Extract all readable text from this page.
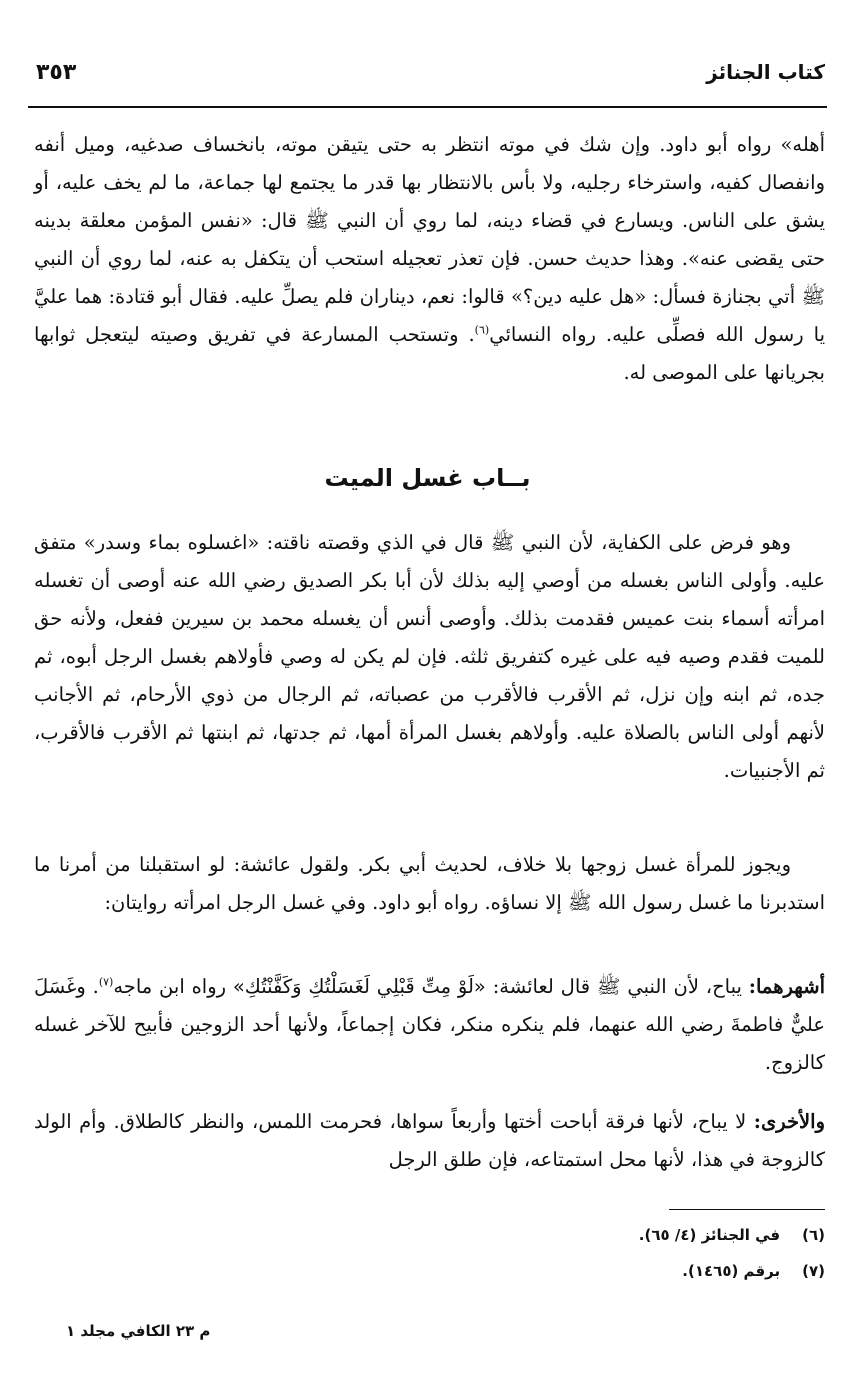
كتاب الجنائز
٣٥٣
أهله» رواه أبو داود. وإن شك في موته انتظر به حتى يتيقن موته، بانخساف صدغيه، وميل أنفه وانفصال كفيه، واسترخاء رجليه، ولا بأس بالانتظار بها قدر ما يجتمع لها جماعة، ما لم يخف عليه، أو يشق على الناس. ويسارع في قضاء دينه، لما روي أن النبي ﷺ قال: «نفس المؤمن معلقة بدينه حتى يقضى عنه». وهذا حديث حسن. فإن تعذر تعجيله استحب أن يتكفل به عنه، لما روي أن النبي ﷺ أتي بجنازة فسأل: «هل عليه دين؟» قالوا: نعم، ديناران فلم يصلِّ عليه. فقال أبو قتادة: هما عليَّ يا رسول الله فصلِّى عليه. رواه النسائي$^{(٦)}$. وتستحب المسارعة في تفريق وصيته ليتعجل ثوابها بجريانها على الموصى له.
بــاب غسل الميت
وهو فرض على الكفاية، لأن النبي ﷺ قال في الذي وقصته ناقته: «اغسلوه بماء وسدر» متفق عليه. وأولى الناس بغسله من أوصي إليه بذلك لأن أبا بكر الصديق رضي الله عنه أوصى أن تغسله امرأته أسماء بنت عميس فقدمت بذلك. وأوصى أنس أن يغسله محمد بن سيرين ففعل، ولأنه حق للميت فقدم وصيه فيه على غيره كتفريق ثلثه. فإن لم يكن له وصي فأولاهم بغسل الرجل أبوه، ثم جده، ثم ابنه وإن نزل، ثم الأقرب فالأقرب من عصباته، ثم الرجال من ذوي الأرحام، ثم الأجانب لأنهم أولى الناس بالصلاة عليه. وأولاهم بغسل المرأة أمها، ثم جدتها، ثم ابنتها ثم الأقرب فالأقرب، ثم الأجنبيات.
ويجوز للمرأة غسل زوجها بلا خلاف، لحديث أبي بكر. ولقول عائشة: لو استقبلنا من أمرنا ما استدبرنا ما غسل رسول الله ﷺ إلا نساؤه. رواه أبو داود. وفي غسل الرجل امرأته روايتان:
أشهرهما: يباح، لأن النبي ﷺ قال لعائشة: «لَوْ مِتِّ قَبْلِي لَغَسَلْتُكِ وَكَفَّنْتُكِ» رواه ابن ماجه$^{(٧)}$. وغَسَلَ عليٌّ فاطمةَ رضي الله عنهما، فلم ينكره منكر، فكان إجماعاً، ولأنها أحد الزوجين فأبيح للآخر غسله كالزوج.
والأخرى: لا يباح، لأنها فرقة أباحت أختها وأربعاً سواها، فحرمت اللمس، والنظر كالطلاق. وأم الولد كالزوجة في هذا، لأنها محل استمتاعه، فإن طلق الرجل
(٦)
في الجنائز (٤/ ٦٥).
(٧)
برقم (١٤٦٥).
م ٢٣ الكافي مجلد ١
